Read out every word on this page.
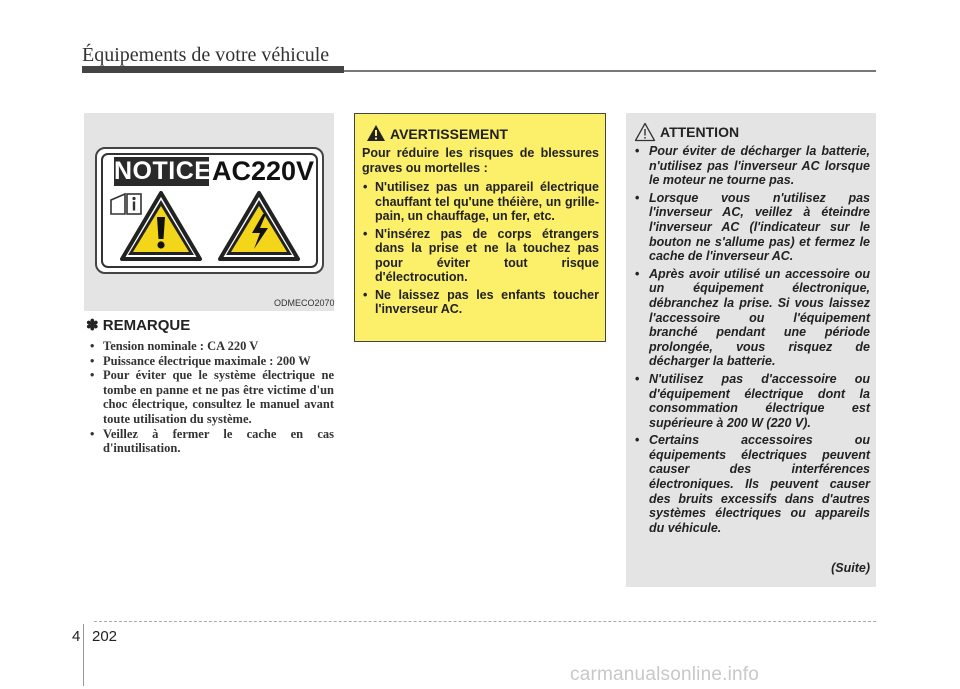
Équipements de votre véhicule
NOTICE AC220V
ODMECO2070
✽ REMARQUE
• Tension nominale : CA 220 V
• Puissance électrique maximale : 200 W
• Pour éviter que le système électrique ne tombe en panne et ne pas être victime d'un choc électrique, consultez le manuel avant toute utilisation du système.
• Veillez à fermer le cache en cas d'inutilisation.
AVERTISSEMENT
Pour réduire les risques de blessures graves ou mortelles :
• N'utilisez pas un appareil électrique chauffant tel qu'une théière, un grille-pain, un chauffage, un fer, etc.
• N'insérez pas de corps étrangers dans la prise et ne la touchez pas pour éviter tout risque d'électrocution.
• Ne laissez pas les enfants toucher l'inverseur AC.
ATTENTION
• Pour éviter de décharger la batterie, n'utilisez pas l'inverseur AC lorsque le moteur ne tourne pas.
• Lorsque vous n'utilisez pas l'inverseur AC, veillez à éteindre l'inverseur AC (l'indicateur sur le bouton ne s'allume pas) et fermez le cache de l'inverseur AC.
• Après avoir utilisé un accessoire ou un équipement électronique, débranchez la prise. Si vous laissez l'accessoire ou l'équipement branché pendant une période prolongée, vous risquez de décharger la batterie.
• N'utilisez pas d'accessoire ou d'équipement électrique dont la consommation électrique est supérieure à 200 W (220 V).
• Certains accessoires ou équipements électriques peuvent causer des interférences électroniques. Ils peuvent causer des bruits excessifs dans d'autres systèmes électriques ou appareils du véhicule.
(Suite)
4 202
carmanualsonline.info
